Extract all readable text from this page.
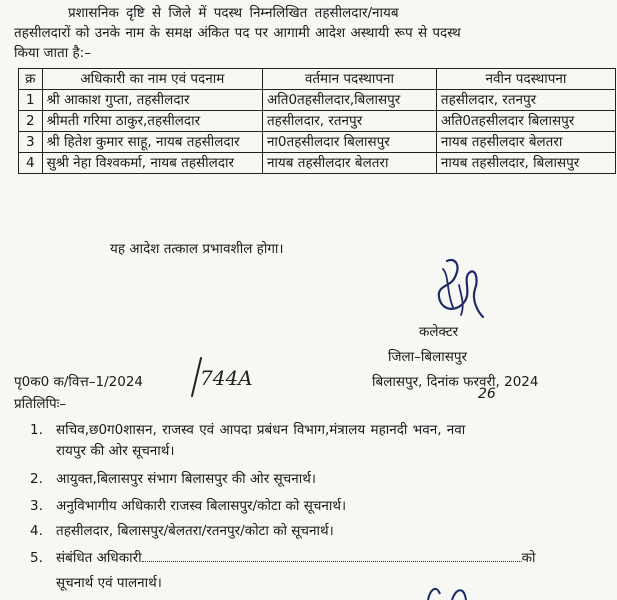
प्रशासनिक दृष्टि से जिले में पदस्थ निम्नलिखित तहसीलदार/नायब
तहसीलदारों को उनके नाम के समक्ष अंकित पद पर आगामी आदेश अस्थायी रूप से पदस्थ
किया जाता है:–
क्र	अधिकारी का नाम एवं पदनाम	वर्तमान पदस्थापना	नवीन पदस्थापना
1	श्री आकाश गुप्ता, तहसीलदार	अति0तहसीलदार,बिलासपुर	तहसीलदार, रतनपुर
2	श्रीमती गरिमा ठाकुर,तहसीलदार	तहसीलदार, रतनपुर	अति0तहसीलदार बिलासपुर
3	श्री हितेश कुमार साहू, नायब तहसीलदार	ना0तहसीलदार बिलासपुर	नायब तहसीलदार बेलतरा
4	सुश्री नेहा विश्वकर्मा, नायब तहसीलदार	नायब तहसीलदार बेलतरा	नायब तहसीलदार, बिलासपुर
यह आदेश तत्काल प्रभावशील होगा।
कलेक्टर
जिला–बिलासपुर
पृ0क0 क/वित्त–1/2024	744A	बिलासपुर, दिनांक फरवरी, 2024
26
प्रतिलिपिः–
1. सचिव,छ0ग0शासन, राजस्व एवं आपदा प्रबंधन विभाग,मंत्रालय महानदी भवन, नवा
रायपुर की ओर सूचनार्थ।
2. आयुक्त,बिलासपुर संभाग बिलासपुर की ओर सूचनार्थ।
3. अनुविभागीय अधिकारी राजस्व बिलासपुर/कोटा को सूचनार्थ।
4. तहसीलदार, बिलासपुर/बेलतरा/रतनपुर/कोटा को सूचनार्थ।
5. संबंधित अधिकारी	को
सूचनार्थ एवं पालनार्थ।
